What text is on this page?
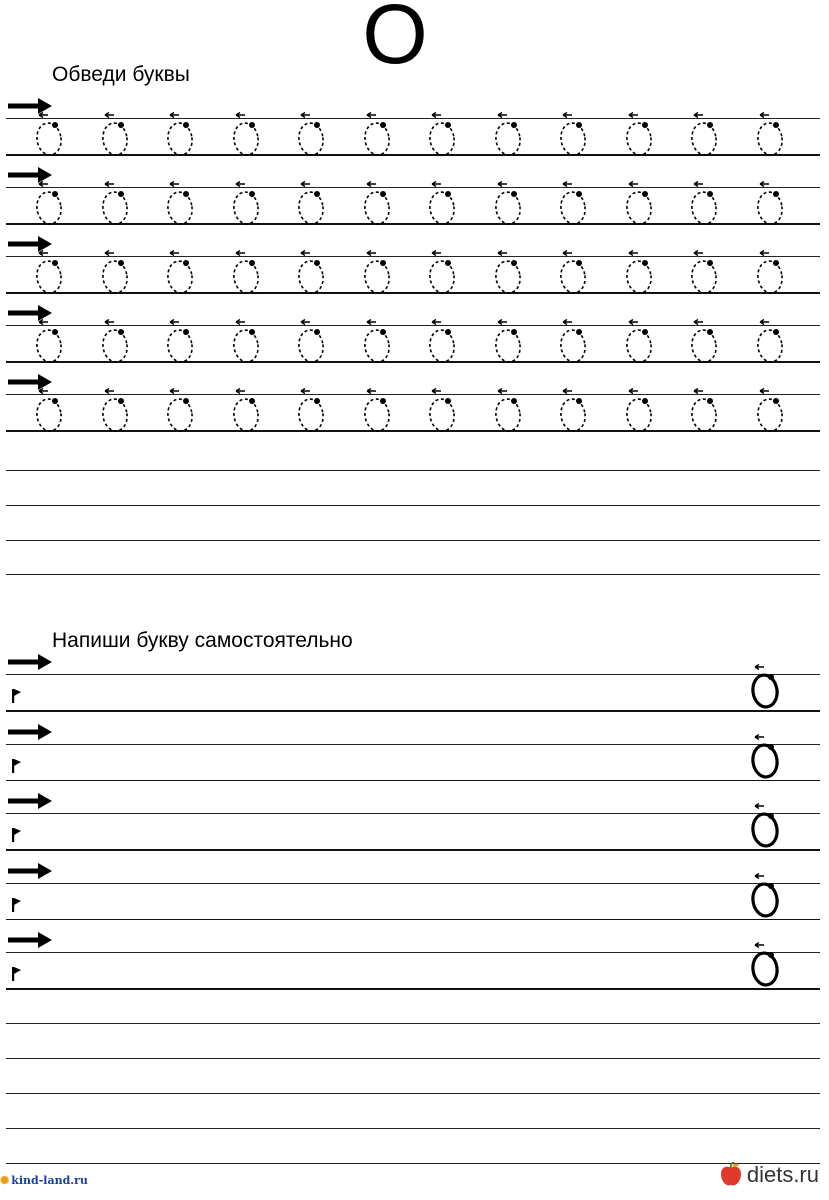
О
Обведи буквы
Напиши букву самостоятельно
✺ kind-land.ru	diets.ru
